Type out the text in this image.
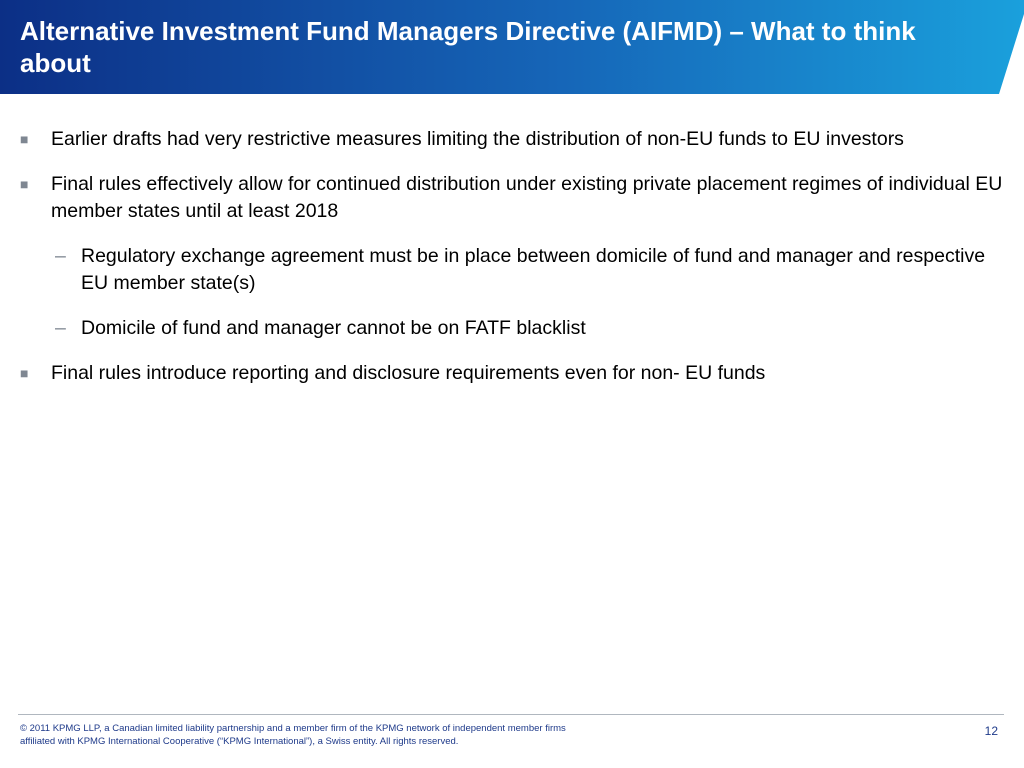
Alternative Investment Fund Managers Directive (AIFMD) – What to think about
■ Earlier drafts had very restrictive measures limiting the distribution of non-EU funds to EU investors
■ Final rules effectively allow for continued distribution under existing private placement regimes of individual EU member states until at least 2018
– Regulatory exchange agreement must be in place between domicile of fund and manager and respective EU member state(s)
– Domicile of fund and manager cannot be on FATF blacklist
■ Final rules introduce reporting and disclosure requirements even for non- EU funds
© 2011 KPMG LLP, a Canadian limited liability partnership and a member firm of the KPMG network of independent member firms
affiliated with KPMG International Cooperative (“KPMG International”), a Swiss entity. All rights reserved.
12
